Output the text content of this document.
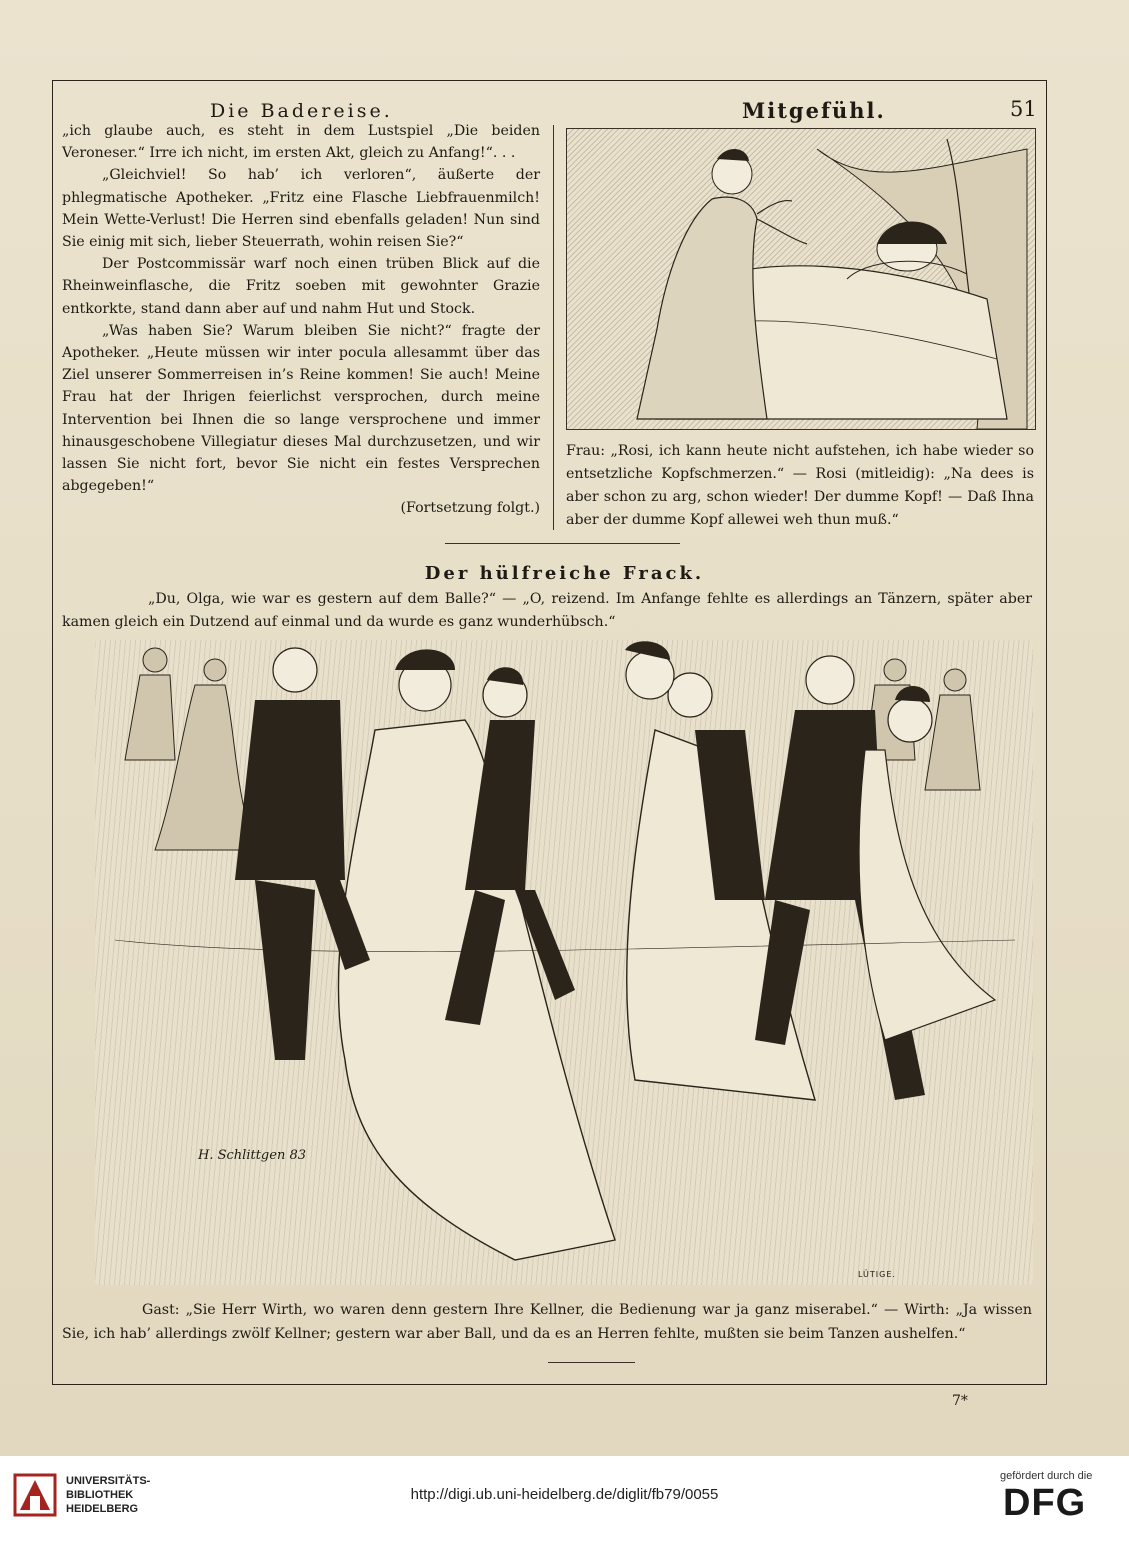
Die Badereise.	Mitgefühl.	51

„ich glaube auch, es steht in dem Lustspiel „Die beiden Veroneser.“ Irre ich nicht, im ersten Akt, gleich zu Anfang!“. . .

„Gleichviel! So hab’ ich verloren“, äußerte der phlegmatische Apotheker. „Fritz eine Flasche Liebfrauenmilch! Mein Wette-Verlust! Die Herren sind ebenfalls geladen! Nun sind Sie einig mit sich, lieber Steuerrath, wohin reisen Sie?“

Der Postcommissär warf noch einen trüben Blick auf die Rheinweinflasche, die Fritz soeben mit gewohnter Grazie entkorkte, stand dann aber auf und nahm Hut und Stock.

„Was haben Sie? Warum bleiben Sie nicht?“ fragte der Apotheker. „Heute müssen wir inter pocula allesammt über das Ziel unserer Sommerreisen in’s Reine kommen! Sie auch! Meine Frau hat der Ihrigen feierlichst versprochen, durch meine Intervention bei Ihnen die so lange versprochene und immer hinausgeschobene Villegiatur dieses Mal durchzusetzen, und wir lassen Sie nicht fort, bevor Sie nicht ein festes Versprechen abgegeben!“

(Fortsetzung folgt.)

Frau: „Rosi, ich kann heute nicht aufstehen, ich habe wieder so entsetzliche Kopfschmerzen.“ — Rosi (mitleidig): „Na dees is aber schon zu arg, schon wieder! Der dumme Kopf! — Daß Ihna aber der dumme Kopf allewei weh thun muß.“

Der hülfreiche Frack.

„Du, Olga, wie war es gestern auf dem Balle?“ — „O, reizend. Im Anfange fehlte es allerdings an Tänzern, später aber kamen gleich ein Dutzend auf einmal und da wurde es ganz wunderhübsch.“

H. Schlittgen 83
LÜTIGE.

Gast: „Sie Herr Wirth, wo waren denn gestern Ihre Kellner, die Bedienung war ja ganz miserabel.“ — Wirth: „Ja wissen Sie, ich hab’ allerdings zwölf Kellner; gestern war aber Ball, und da es an Herren fehlte, mußten sie beim Tanzen aushelfen.“

7*
UNIVERSITÄTS-
BIBLIOTHEK
HEIDELBERG
http://digi.ub.uni-heidelberg.de/diglit/fb79/0055
gefördert durch die
DFG
